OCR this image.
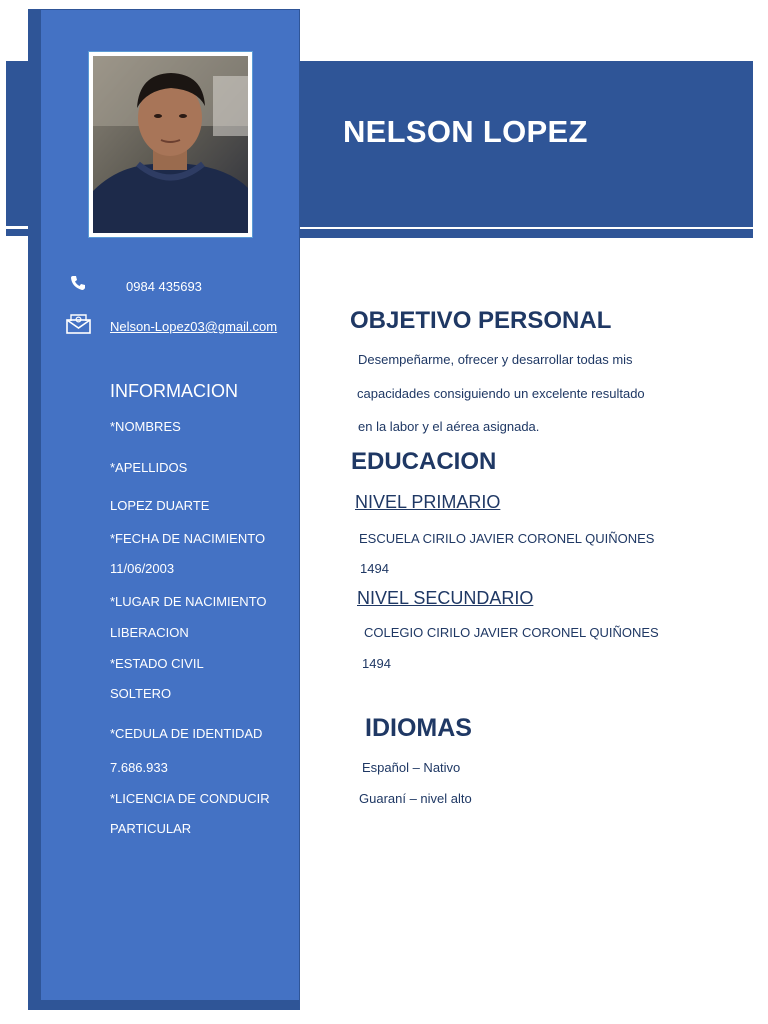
NELSON LOPEZ
0984 435693
Nelson-Lopez03@gmail.com
INFORMACION
*NOMBRES
*APELLIDOS
LOPEZ DUARTE
*FECHA DE NACIMIENTO
11/06/2003
*LUGAR DE NACIMIENTO
LIBERACION
*ESTADO CIVIL
SOLTERO
*CEDULA DE IDENTIDAD
7.686.933
*LICENCIA DE CONDUCIR
PARTICULAR
OBJETIVO PERSONAL
Desempeñarme, ofrecer y desarrollar todas mis
capacidades consiguiendo un excelente resultado
en la labor y el aérea asignada.
EDUCACION
NIVEL PRIMARIO
ESCUELA CIRILO JAVIER CORONEL QUIÑONES
1494
NIVEL SECUNDARIO
COLEGIO CIRILO JAVIER CORONEL QUIÑONES
1494
IDIOMAS
Español – Nativo
Guaraní – nivel alto
